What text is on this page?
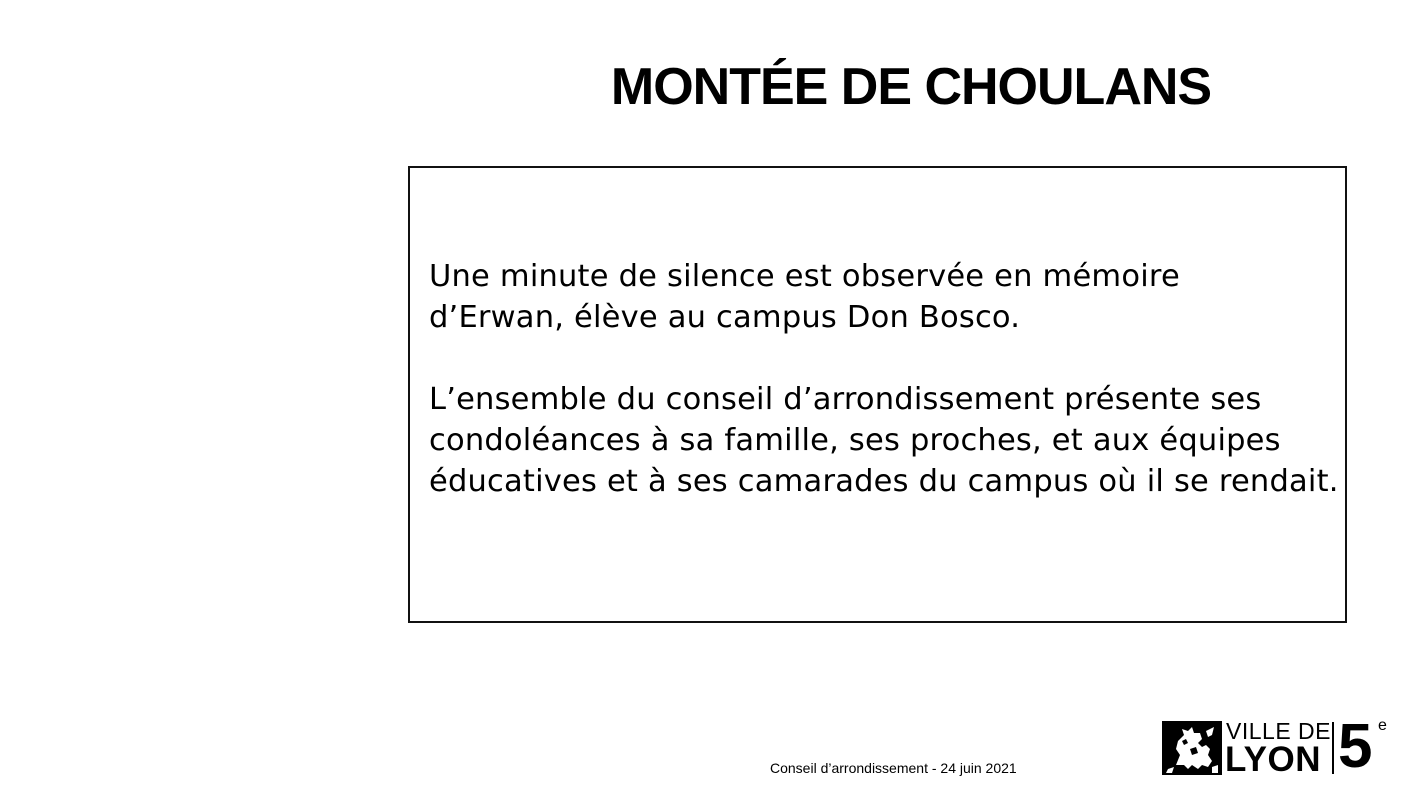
MONTÉE DE CHOULANS

Une minute de silence est observée en mémoire
d’Erwan, élève au campus Don Bosco.

L’ensemble du conseil d’arrondissement présente ses
condoléances à sa famille, ses proches, et aux équipes
éducatives et à ses camarades du campus où il se rendait.

Conseil d’arrondissement - 24 juin 2021
VILLE DE
LYON 5 e
